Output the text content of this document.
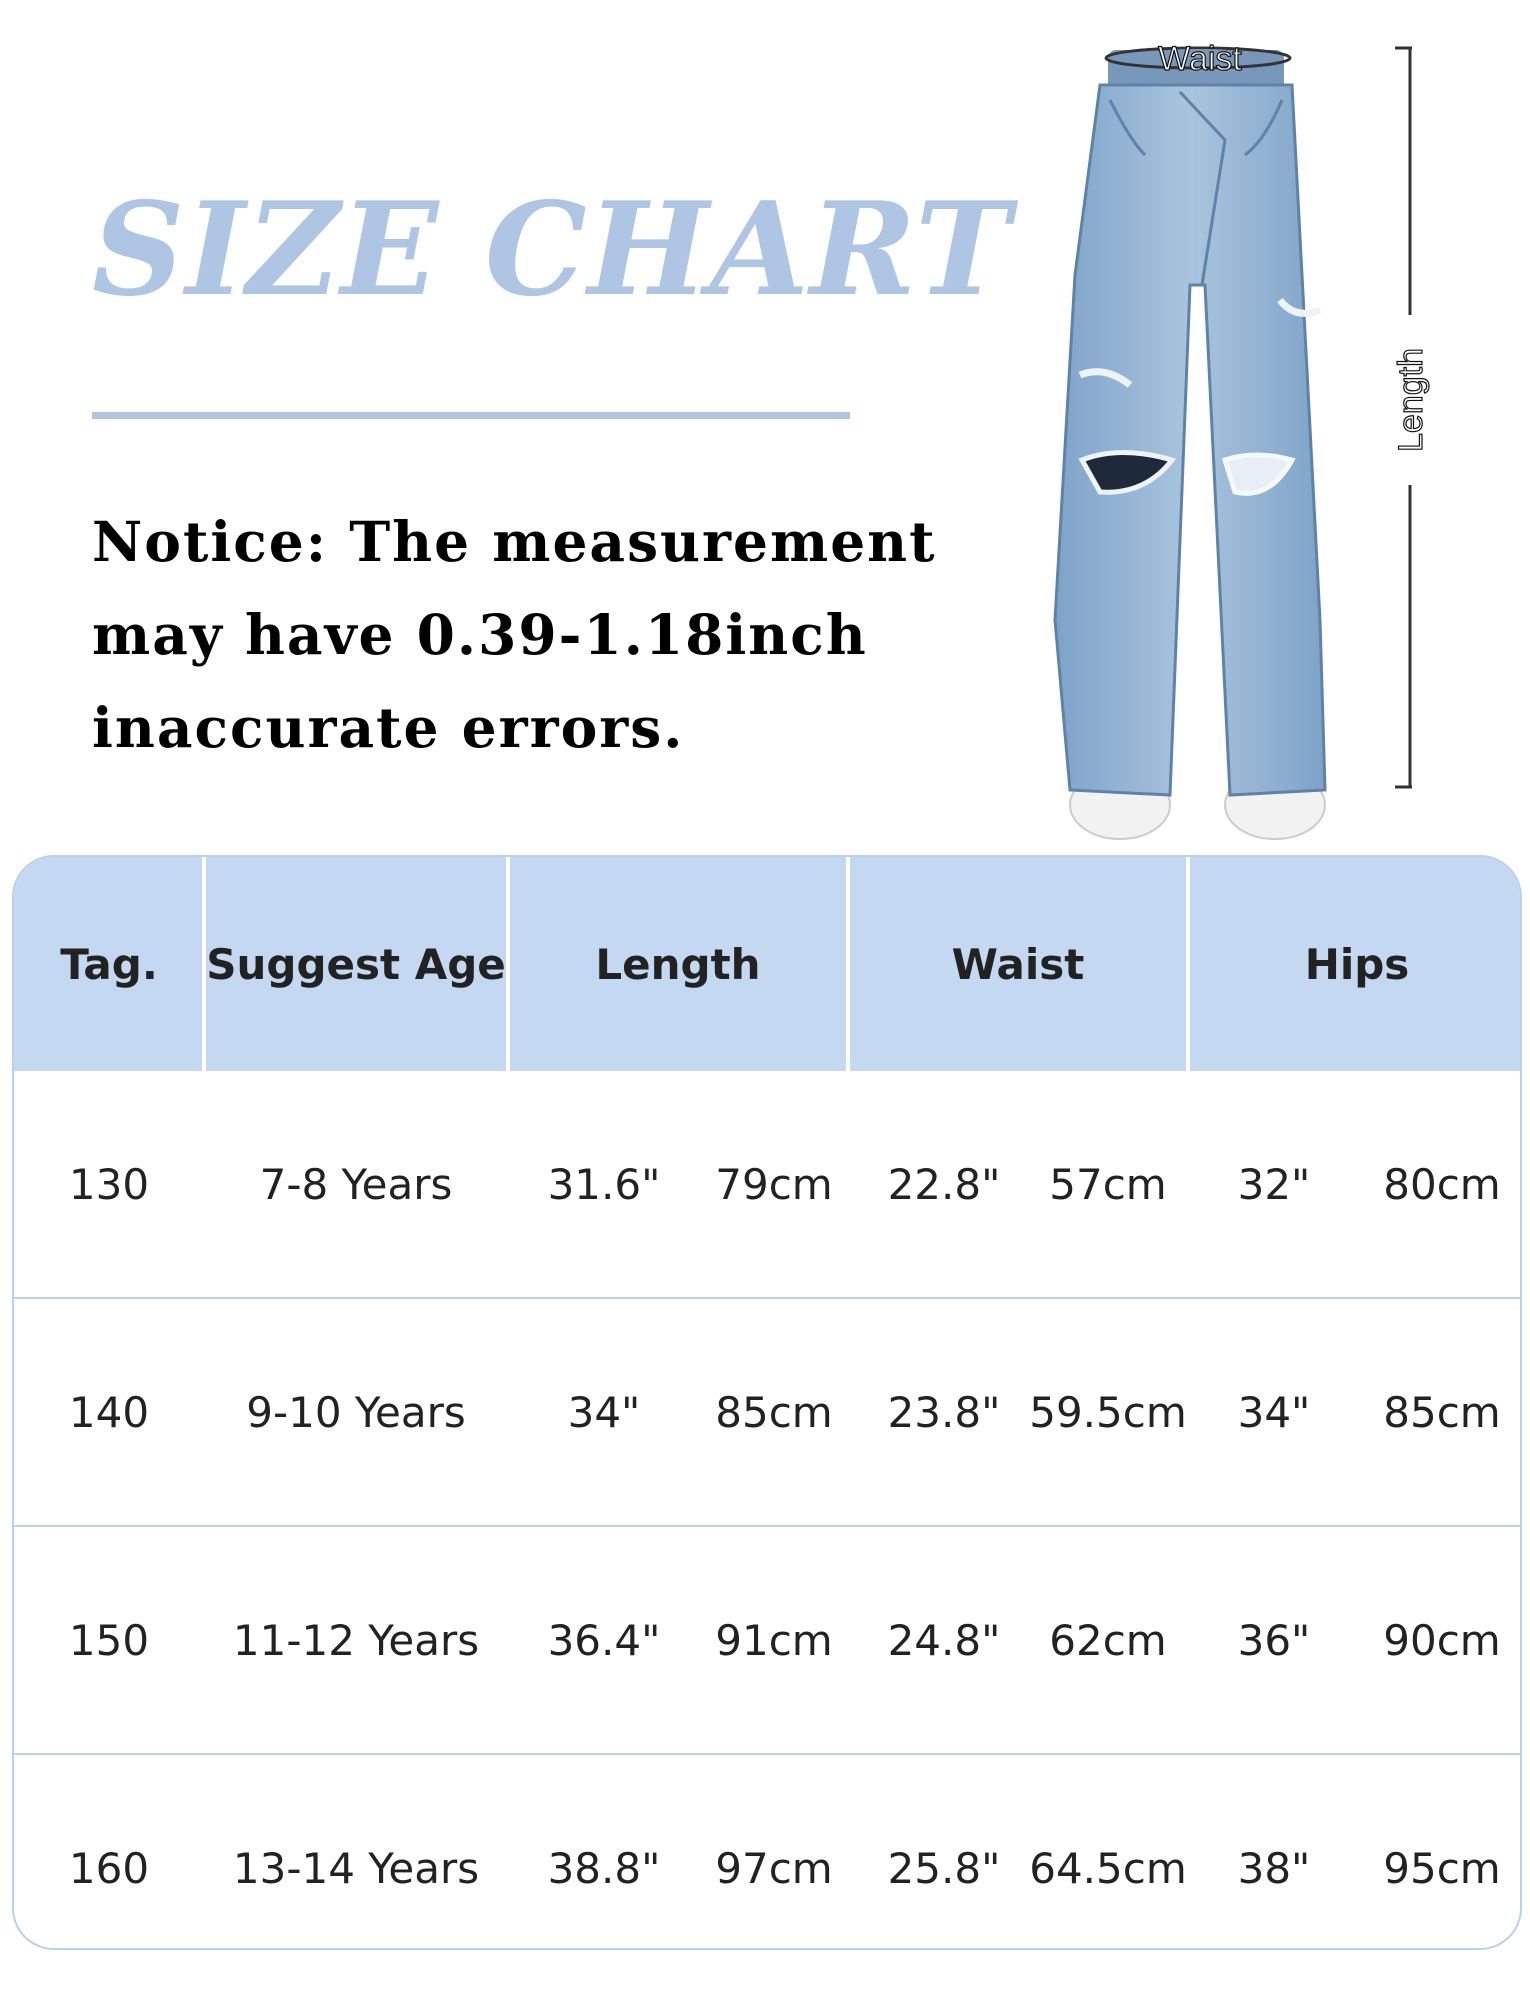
SIZE CHART
Notice: The measurement
may have 0.39-1.18inch
inaccurate errors.
Waist
Length
Tag.	Suggest Age	Length	Waist	Hips
130	7-8 Years	31.6"	79cm	22.8"	57cm	32"	80cm
140	9-10 Years	34"	85cm	23.8" 59.5cm	34"	85cm
150	11-12 Years	36.4"	91cm	24.8"	62cm	36"	90cm
160	13-14 Years	38.8"	97cm	25.8" 64.5cm	38"	95cm
